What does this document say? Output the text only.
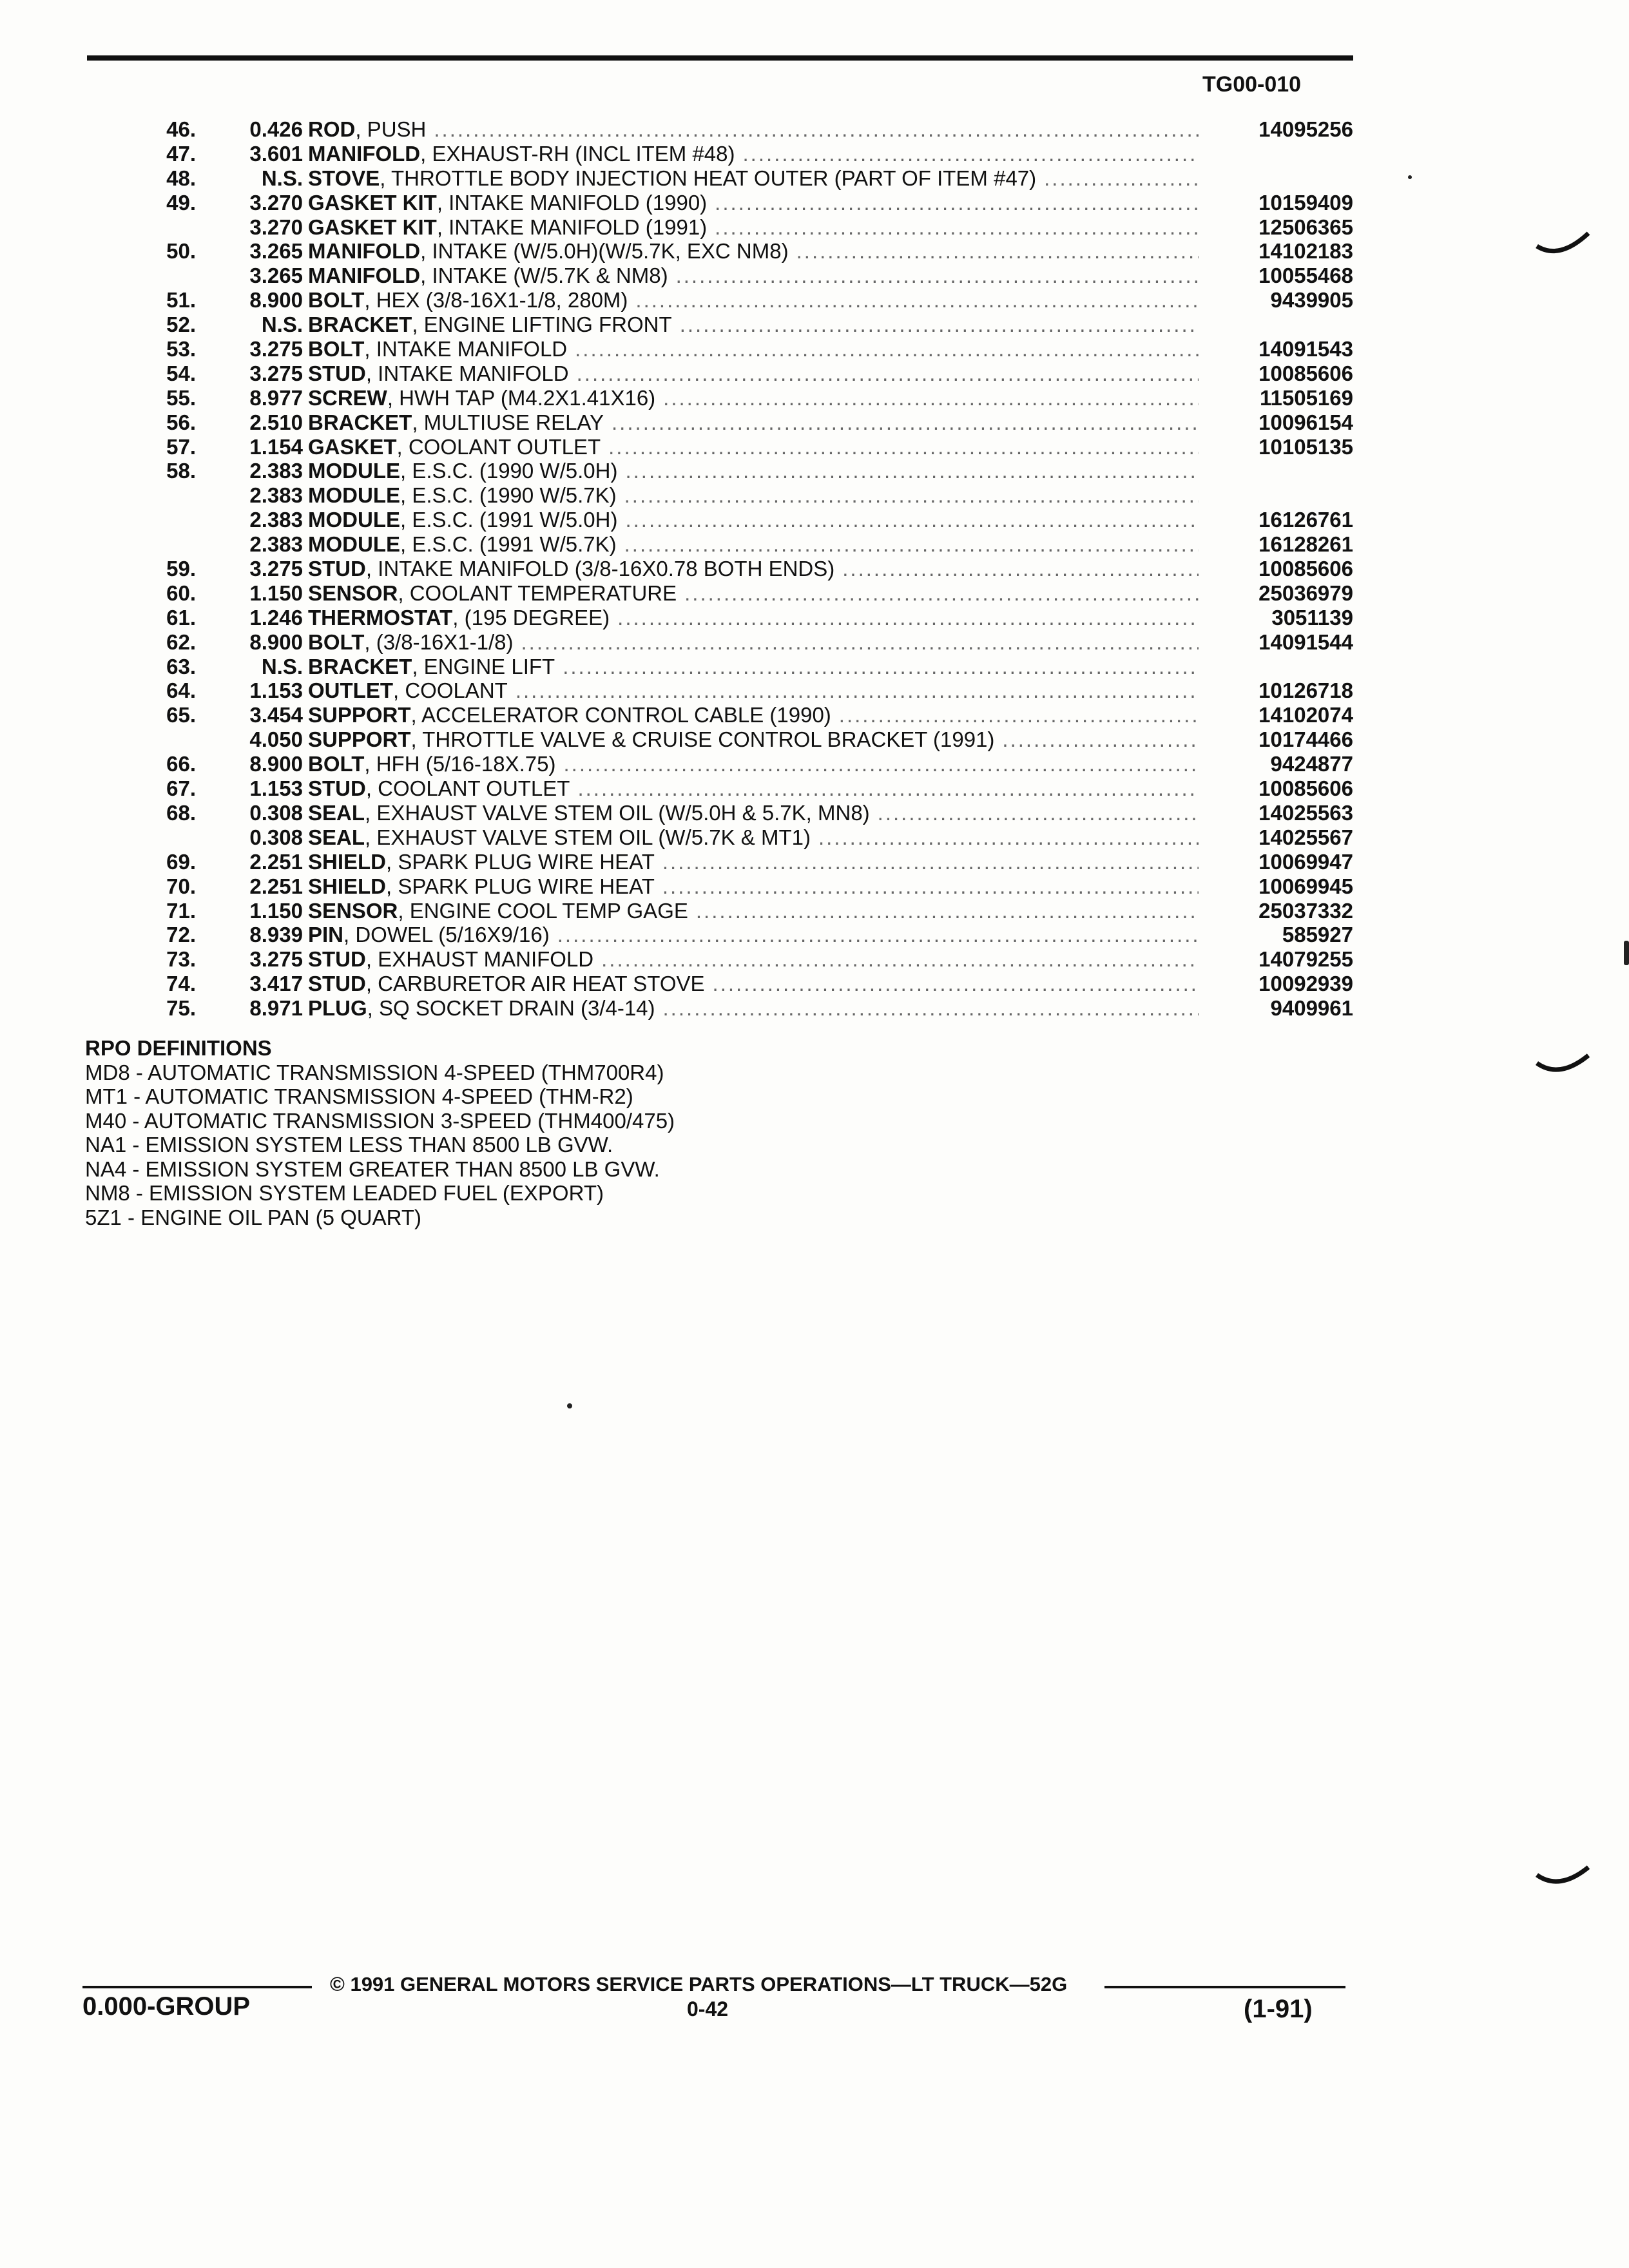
TG00-010
46.	0.426 ROD , PUSH .....	14095256
47.	3.601 MANIFOLD , EXHAUST-RH (INCL ITEM #48)
.....
48.	N.S. STOVE , THROTTLE BODY INJECTION HEAT OUTER (PART OF ITEM #47)
.....
49.	3.270 GASKET KIT , INTAKE MANIFOLD (1990) .....	10159409
3.270 GASKET KIT , INTAKE MANIFOLD (1991) .....	12506365
50.	3.265 MANIFOLD , INTAKE (W/5.0H)(W/5.7K, EXC NM8) .....	14102183
3.265 MANIFOLD , INTAKE (W/5.7K & NM8) .....	10055468
51.	8.900 BOLT , HEX (3/8-16X1-1/8, 280M) .....	9439905
52.	N.S. BRACKET , ENGINE LIFTING FRONT
.....
53.	3.275 BOLT , INTAKE MANIFOLD .....	14091543
54.	3.275 STUD , INTAKE MANIFOLD .....	10085606
55.	8.977 SCREW , HWH TAP (M4.2X1.41X16) .....	11505169
56.	2.510 BRACKET , MULTIUSE RELAY .....	10096154
57.	1.154 GASKET , COOLANT OUTLET .....	10105135
58.	2.383 MODULE , E.S.C. (1990 W/5.0H)
.....
2.383 MODULE , E.S.C. (1990 W/5.7K)
.....
2.383 MODULE , E.S.C. (1991 W/5.0H) .....	16126761
2.383 MODULE , E.S.C. (1991 W/5.7K) .....	16128261
59.	3.275 STUD , INTAKE MANIFOLD (3/8-16X0.78 BOTH ENDS) .....	10085606
60.	1.150 SENSOR , COOLANT TEMPERATURE .....	25036979
61.	1.246 THERMOSTAT , (195 DEGREE) .....	3051139
62.	8.900 BOLT , (3/8-16X1-1/8) .....	14091544
63.	N.S. BRACKET , ENGINE LIFT
.....
64.	1.153 OUTLET , COOLANT .....	10126718
65.	3.454 SUPPORT , ACCELERATOR CONTROL CABLE (1990) .....	14102074
4.050 SUPPORT , THROTTLE VALVE & CRUISE CONTROL BRACKET (1991) .....	10174466
66.	8.900 BOLT , HFH (5/16-18X.75) .....	9424877
67.	1.153 STUD , COOLANT OUTLET .....	10085606
68.	0.308 SEAL , EXHAUST VALVE STEM OIL (W/5.0H & 5.7K, MN8) .....	14025563
0.308 SEAL , EXHAUST VALVE STEM OIL (W/5.7K & MT1) .....	14025567
69.	2.251 SHIELD , SPARK PLUG WIRE HEAT .....	10069947
70.	2.251 SHIELD , SPARK PLUG WIRE HEAT .....	10069945
71.	1.150 SENSOR , ENGINE COOL TEMP GAGE .....	25037332
72.	8.939 PIN , DOWEL (5/16X9/16) .....	585927
73.	3.275 STUD , EXHAUST MANIFOLD .....	14079255
74.	3.417 STUD , CARBURETOR AIR HEAT STOVE .....	10092939
75.	8.971 PLUG , SQ SOCKET DRAIN (3/4-14) .....	9409961
RPO DEFINITIONS
MD8 - AUTOMATIC TRANSMISSION 4-SPEED (THM700R4)
MT1 - AUTOMATIC TRANSMISSION 4-SPEED (THM-R2)
M40 - AUTOMATIC TRANSMISSION 3-SPEED (THM400/475)
NA1 - EMISSION SYSTEM LESS THAN 8500 LB GVW.
NA4 - EMISSION SYSTEM GREATER THAN 8500 LB GVW.
NM8 - EMISSION SYSTEM LEADED FUEL (EXPORT)
5Z1 - ENGINE OIL PAN (5 QUART)
© 1991 GENERAL MOTORS SERVICE PARTS OPERATIONS—LT TRUCK—52G
0.000-GROUP	0-42	(1-91)
